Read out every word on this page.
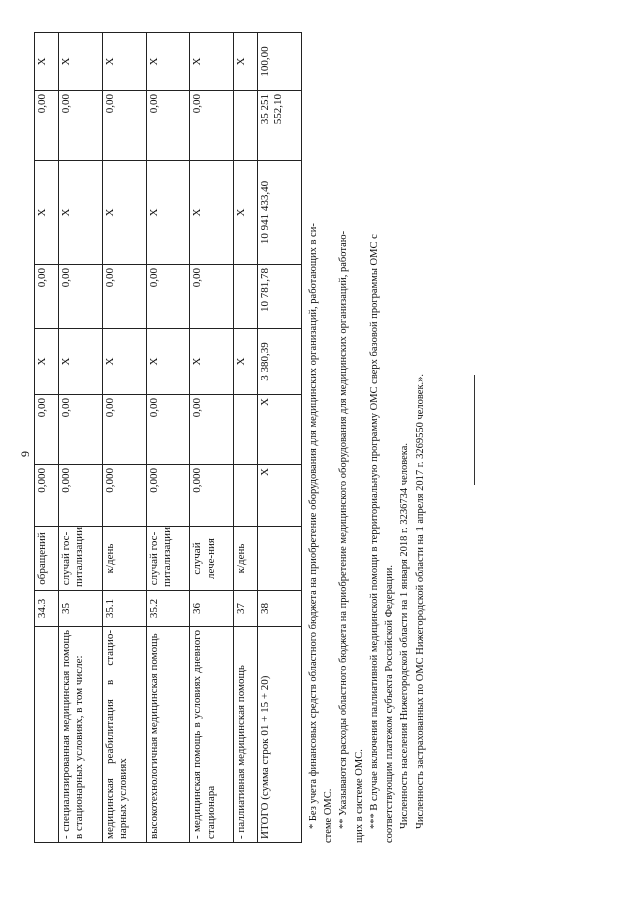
9
	34.3	обращений	0,000	0,00	X	0,00	X	0,00	X
- специализированная медицинская помощь в стационарных условиях, в том числе:	35	случай гос-питализации	0,000	0,00	X	0,00	X	0,00	X
медицинская реабилитация в стацио-нарных условиях	35.1	к/день	0,000	0,00	X	0,00	X	0,00	X
высокотехнологичная медицинская помощь	35.2	случай гос-питализации	0,000	0,00	X	0,00	X	0,00	X
- медицинская помощь в условиях дневного стационара	36	случай лече-ния	0,000	0,00	X	0,00	X	0,00	X
- паллиативная медицинская помощь	37	к/день			X		X		X
ИТОГО (сумма строк 01 + 15 + 20)	38		X	X	3 380,39	10 781,78	10 941 433,40	35 251 552,10	100,00

* Без учета финансовых средств областного бюджета на приобретение оборудования для медицинских организаций, работающих в си- стеме ОМС. ** Указываются расходы областного бюджета на приобретение медицинского оборудования для медицинских организаций, работаю- щих в системе ОМС. *** В случае включения паллиативной медицинской помощи в территориальную программу ОМС сверх базовой программы ОМС с соответствующим платежом субъекта Российской Федерации. Численность населения Нижегородской области на 1 января 2018 г. 3236734 человека. Численность застрахованных по ОМС Нижегородской области на 1 апреля 2017 г. 3269550 человек.».
